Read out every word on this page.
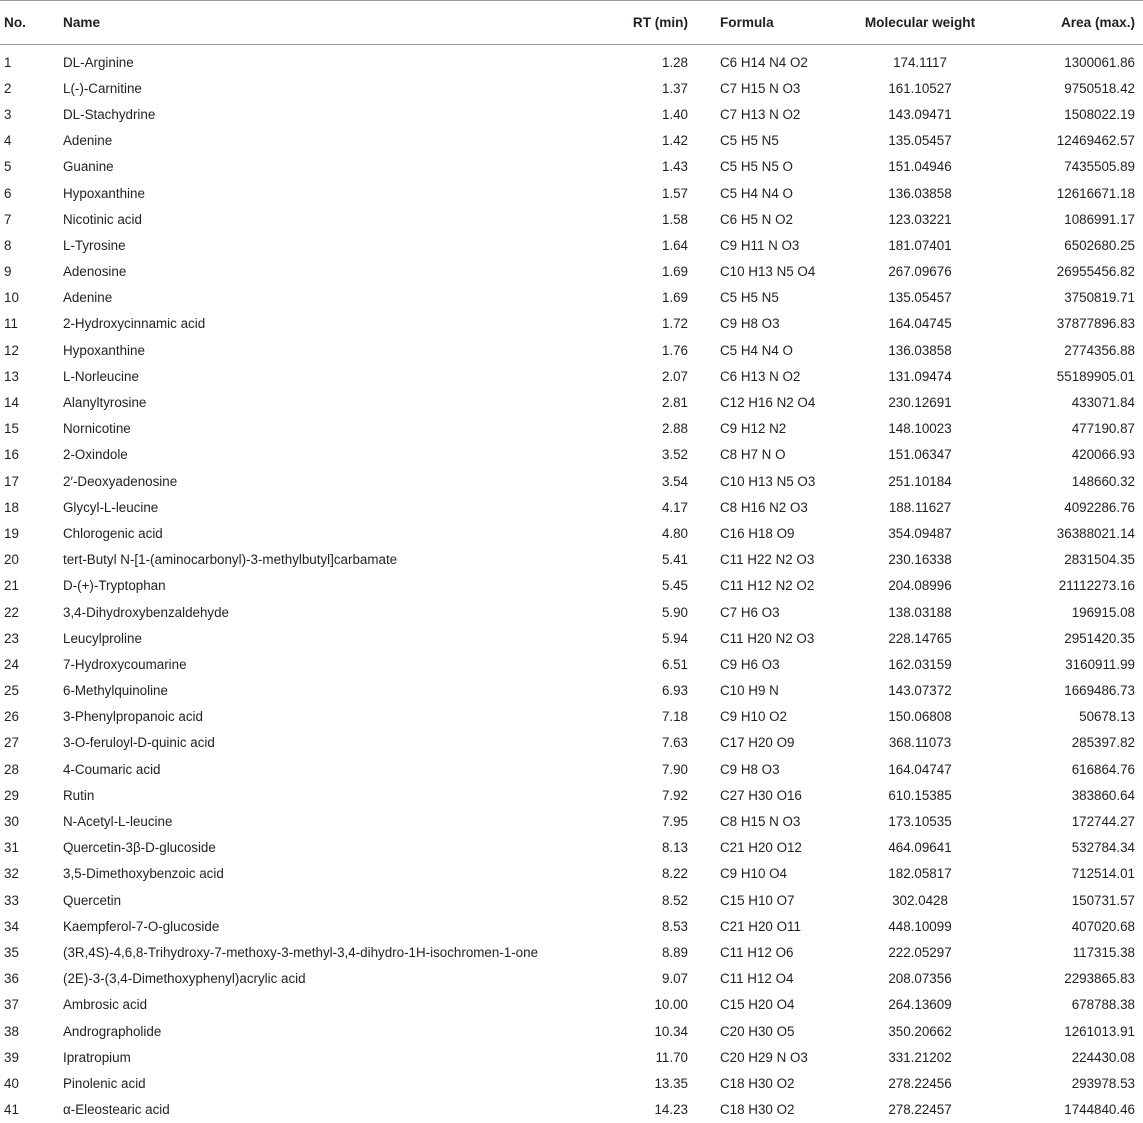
No.	Name	RT (min)	Formula	Molecular weight	Area (max.)
1	DL-Arginine	1.28	C6 H14 N4 O2	174.1117	1300061.86
2	L(-)-Carnitine	1.37	C7 H15 N O3	161.10527	9750518.42
3	DL-Stachydrine	1.40	C7 H13 N O2	143.09471	1508022.19
4	Adenine	1.42	C5 H5 N5	135.05457	12469462.57
5	Guanine	1.43	C5 H5 N5 O	151.04946	7435505.89
6	Hypoxanthine	1.57	C5 H4 N4 O	136.03858	12616671.18
7	Nicotinic acid	1.58	C6 H5 N O2	123.03221	1086991.17
8	L-Tyrosine	1.64	C9 H11 N O3	181.07401	6502680.25
9	Adenosine	1.69	C10 H13 N5 O4	267.09676	26955456.82
10	Adenine	1.69	C5 H5 N5	135.05457	3750819.71
11	2-Hydroxycinnamic acid	1.72	C9 H8 O3	164.04745	37877896.83
12	Hypoxanthine	1.76	C5 H4 N4 O	136.03858	2774356.88
13	L-Norleucine	2.07	C6 H13 N O2	131.09474	55189905.01
14	Alanyltyrosine	2.81	C12 H16 N2 O4	230.12691	433071.84
15	Nornicotine	2.88	C9 H12 N2	148.10023	477190.87
16	2-Oxindole	3.52	C8 H7 N O	151.06347	420066.93
17	2′-Deoxyadenosine	3.54	C10 H13 N5 O3	251.10184	148660.32
18	Glycyl-L-leucine	4.17	C8 H16 N2 O3	188.11627	4092286.76
19	Chlorogenic acid	4.80	C16 H18 O9	354.09487	36388021.14
20	tert-Butyl N-[1-(aminocarbonyl)-3-methylbutyl]carbamate	5.41	C11 H22 N2 O3	230.16338	2831504.35
21	D-(+)-Tryptophan	5.45	C11 H12 N2 O2	204.08996	21112273.16
22	3,4-Dihydroxybenzaldehyde	5.90	C7 H6 O3	138.03188	196915.08
23	Leucylproline	5.94	C11 H20 N2 O3	228.14765	2951420.35
24	7-Hydroxycoumarine	6.51	C9 H6 O3	162.03159	3160911.99
25	6-Methylquinoline	6.93	C10 H9 N	143.07372	1669486.73
26	3-Phenylpropanoic acid	7.18	C9 H10 O2	150.06808	50678.13
27	3-O-feruloyl-D-quinic acid	7.63	C17 H20 O9	368.11073	285397.82
28	4-Coumaric acid	7.90	C9 H8 O3	164.04747	616864.76
29	Rutin	7.92	C27 H30 O16	610.15385	383860.64
30	N-Acetyl-L-leucine	7.95	C8 H15 N O3	173.10535	172744.27
31	Quercetin-3β-D-glucoside	8.13	C21 H20 O12	464.09641	532784.34
32	3,5-Dimethoxybenzoic acid	8.22	C9 H10 O4	182.05817	712514.01
33	Quercetin	8.52	C15 H10 O7	302.0428	150731.57
34	Kaempferol-7-O-glucoside	8.53	C21 H20 O11	448.10099	407020.68
35	(3R,4S)-4,6,8-Trihydroxy-7-methoxy-3-methyl-3,4-dihydro-1H-isochromen-1-one	8.89	C11 H12 O6	222.05297	117315.38
36	(2E)-3-(3,4-Dimethoxyphenyl)acrylic acid	9.07	C11 H12 O4	208.07356	2293865.83
37	Ambrosic acid	10.00	C15 H20 O4	264.13609	678788.38
38	Andrographolide	10.34	C20 H30 O5	350.20662	1261013.91
39	Ipratropium	11.70	C20 H29 N O3	331.21202	224430.08
40	Pinolenic acid	13.35	C18 H30 O2	278.22456	293978.53
41	α-Eleostearic acid	14.23	C18 H30 O2	278.22457	1744840.46
